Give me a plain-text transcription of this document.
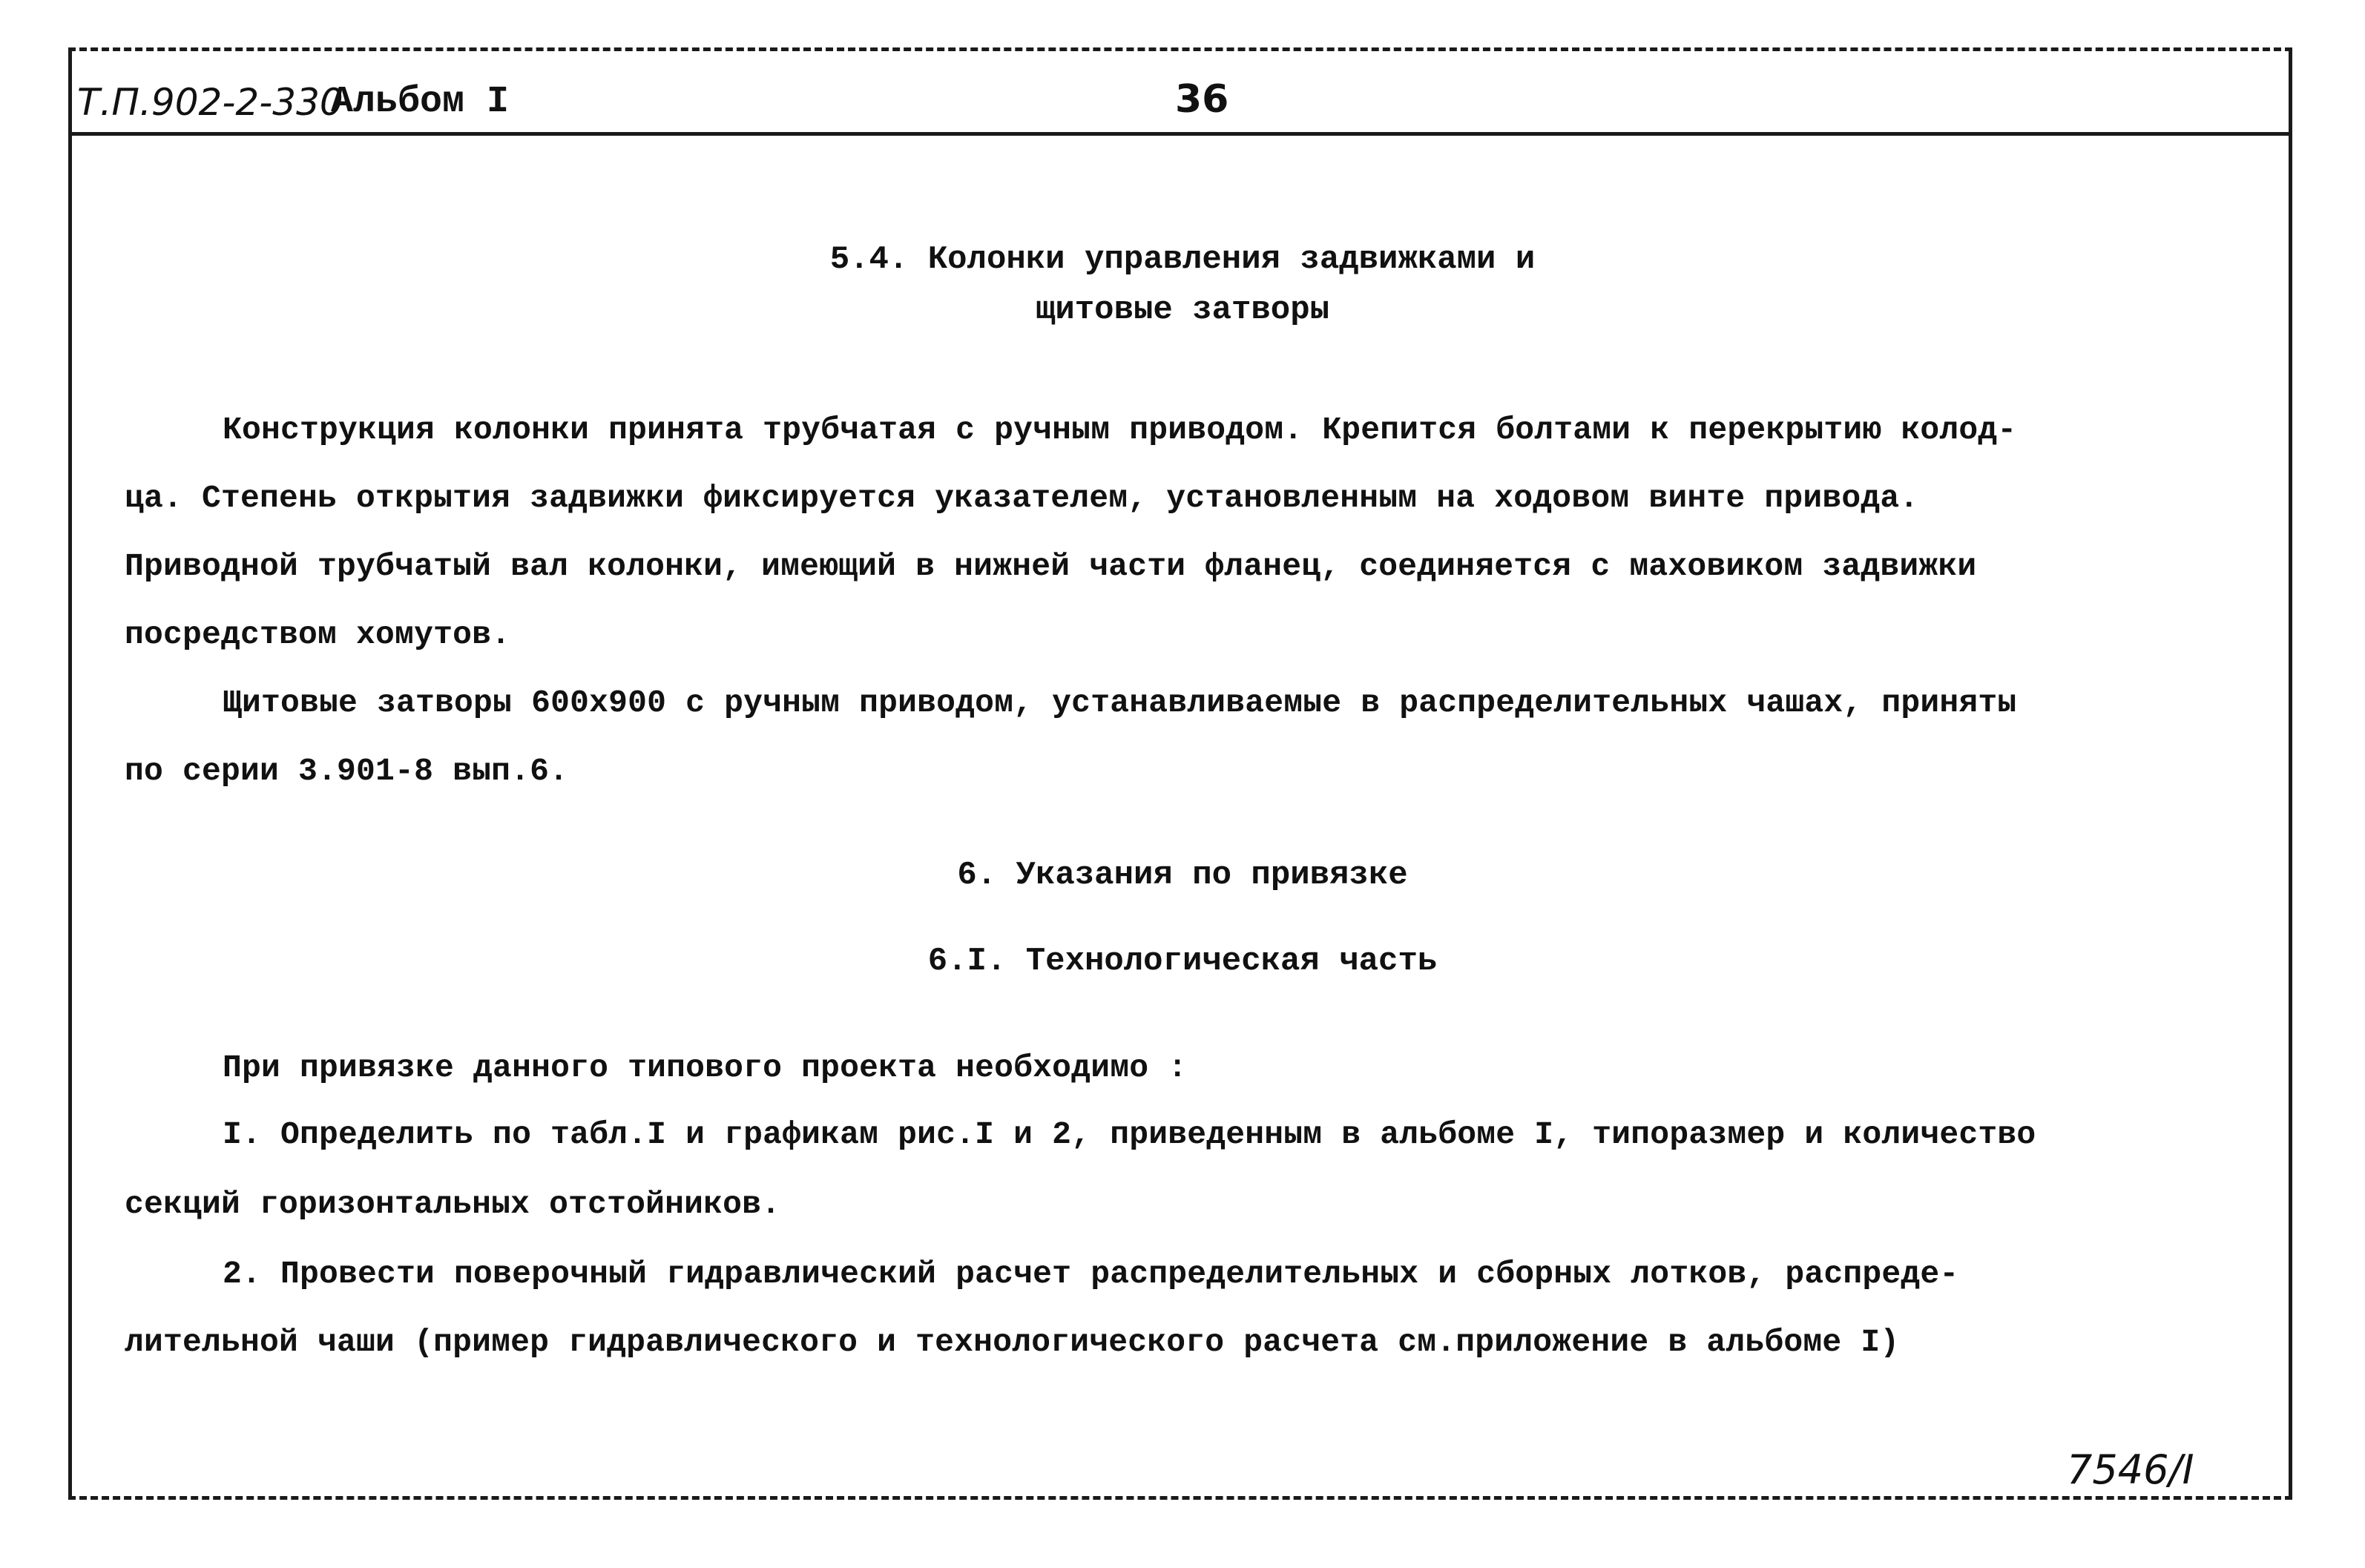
Т.П.902-2-330
Альбом I	36
5.4. Колонки управления задвижками и
щитовые затворы
Конструкция колонки принята трубчатая с ручным приводом. Крепится болтами к перекрытию колод-
ца. Степень открытия задвижки фиксируется указателем, установленным на ходовом винте привода.
Приводной трубчатый вал колонки, имеющий в нижней части фланец, соединяется с маховиком задвижки
посредством хомутов.
Щитовые затворы 600х900 с ручным приводом, устанавливаемые в распределительных чашах, приняты
по серии 3.901-8 вып.6.
6. Указания по привязке
6.I. Технологическая часть
При привязке данного типового проекта необходимо :
I. Определить по табл.I и графикам рис.I и 2, приведенным в альбоме I, типоразмер и количество
секций горизонтальных отстойников.
2. Провести поверочный гидравлический расчет распределительных и сборных лотков, распреде-
лительной чаши (пример гидравлического и технологического расчета см.приложение в альбоме I)
7546/I
